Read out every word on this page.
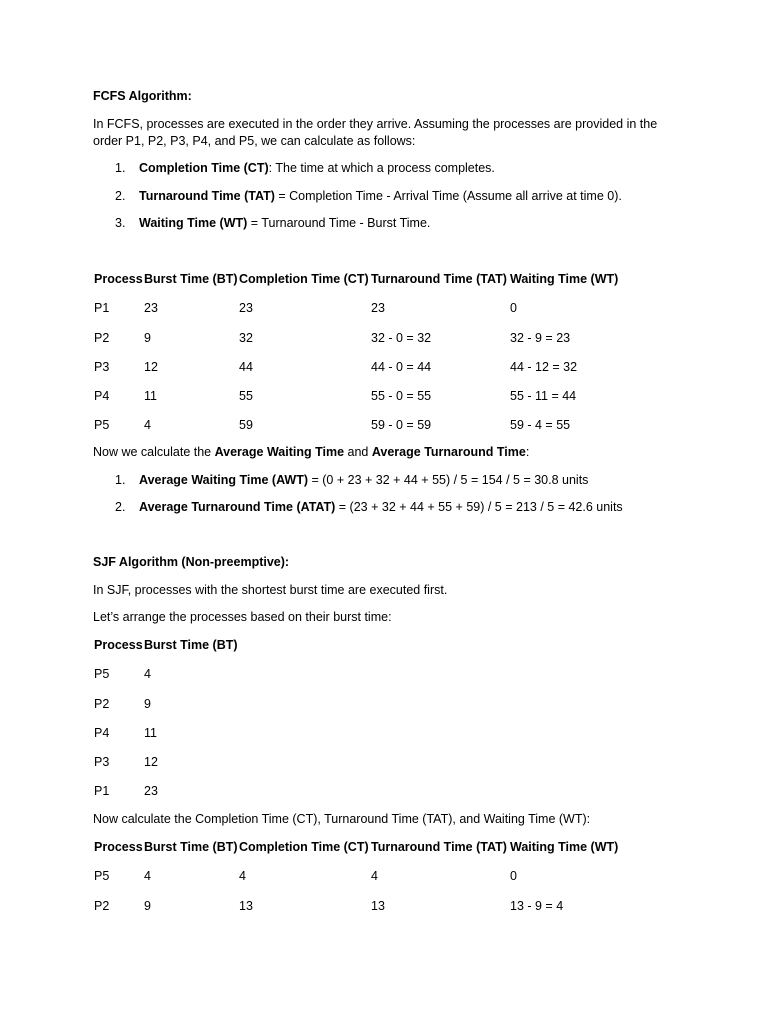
FCFS Algorithm:
In FCFS, processes are executed in the order they arrive. Assuming the processes are provided in the
order P1, P2, P3, P4, and P5, we can calculate as follows:
1.	Completion Time (CT): The time at which a process completes.
2.	Turnaround Time (TAT) = Completion Time - Arrival Time (Assume all arrive at time 0).
3.	Waiting Time (WT) = Turnaround Time - Burst Time.
Process	Burst Time (BT)	Completion Time (CT)	Turnaround Time (TAT)	Waiting Time (WT)
P1	23	23	23	0
P2	9	32	32 - 0 = 32	32 - 9 = 23
P3	12	44	44 - 0 = 44	44 - 12 = 32
P4	11	55	55 - 0 = 55	55 - 11 = 44
P5	4	59	59 - 0 = 59	59 - 4 = 55
Now we calculate the Average Waiting Time and Average Turnaround Time:
1.	Average Waiting Time (AWT) = (0 + 23 + 32 + 44 + 55) / 5 = 154 / 5 = 30.8 units
2.	Average Turnaround Time (ATAT) = (23 + 32 + 44 + 55 + 59) / 5 = 213 / 5 = 42.6 units
SJF Algorithm (Non-preemptive):
In SJF, processes with the shortest burst time are executed first.
Let’s arrange the processes based on their burst time:
Process	Burst Time (BT)
P5	4
P2	9
P4	11
P3	12
P1	23
Now calculate the Completion Time (CT), Turnaround Time (TAT), and Waiting Time (WT):
Process	Burst Time (BT)	Completion Time (CT)	Turnaround Time (TAT)	Waiting Time (WT)
P5	4	4	4	0
P2	9	13	13	13 - 9 = 4
